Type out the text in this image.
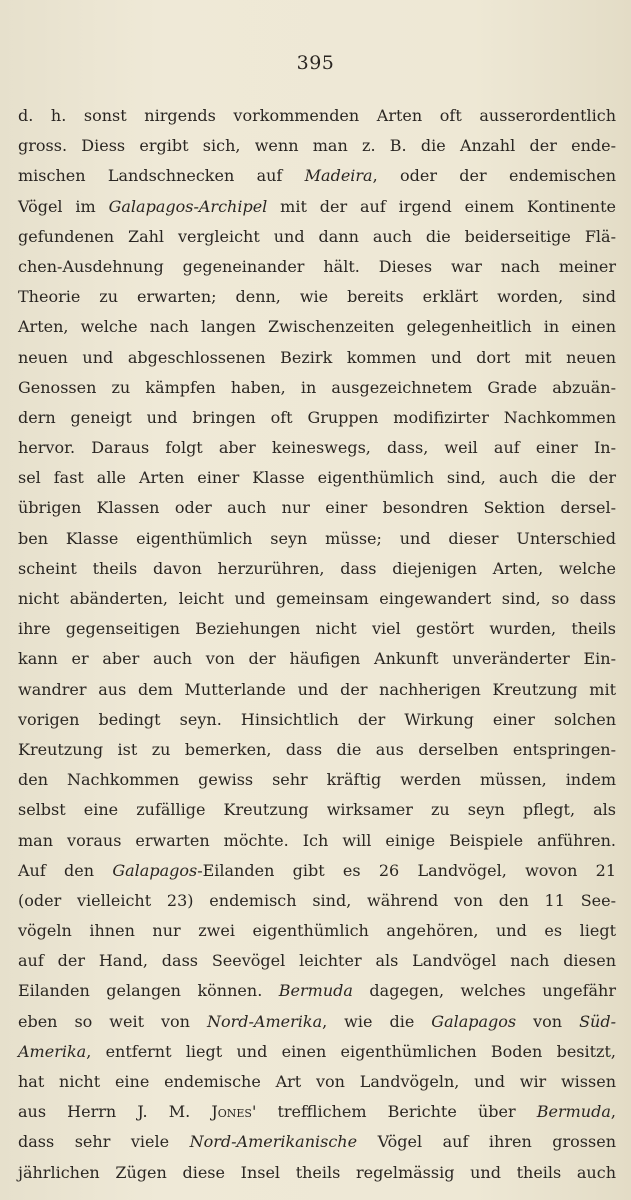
395
d. h. sonst nirgends vorkommenden Arten oft ausserordentlich
gross. Diess ergibt sich, wenn man z. B. die Anzahl der ende-
mischen Landschnecken auf Madeira, oder der endemischen
Vögel im Galapagos-Archipel mit der auf irgend einem Kontinente
gefundenen Zahl vergleicht und dann auch die beiderseitige Flä-
chen-Ausdehnung gegeneinander hält. Dieses war nach meiner
Theorie zu erwarten; denn, wie bereits erklärt worden, sind
Arten, welche nach langen Zwischenzeiten gelegenheitlich in einen
neuen und abgeschlossenen Bezirk kommen und dort mit neuen
Genossen zu kämpfen haben, in ausgezeichnetem Grade abzuän-
dern geneigt und bringen oft Gruppen modifizirter Nachkommen
hervor. Daraus folgt aber keineswegs, dass, weil auf einer In-
sel fast alle Arten einer Klasse eigenthümlich sind, auch die der
übrigen Klassen oder auch nur einer besondren Sektion dersel-
ben Klasse eigenthümlich seyn müsse; und dieser Unterschied
scheint theils davon herzurühren, dass diejenigen Arten, welche
nicht abänderten, leicht und gemeinsam eingewandert sind, so dass
ihre gegenseitigen Beziehungen nicht viel gestört wurden, theils
kann er aber auch von der häufigen Ankunft unveränderter Ein-
wandrer aus dem Mutterlande und der nachherigen Kreutzung mit
vorigen bedingt seyn. Hinsichtlich der Wirkung einer solchen
Kreutzung ist zu bemerken, dass die aus derselben entspringen-
den Nachkommen gewiss sehr kräftig werden müssen, indem
selbst eine zufällige Kreutzung wirksamer zu seyn pflegt, als
man voraus erwarten möchte. Ich will einige Beispiele anführen.
Auf den Galapagos-Eilanden gibt es 26 Landvögel, wovon 21
(oder vielleicht 23) endemisch sind, während von den 11 See-
vögeln ihnen nur zwei eigenthümlich angehören, und es liegt
auf der Hand, dass Seevögel leichter als Landvögel nach diesen
Eilanden gelangen können. Bermuda dagegen, welches ungefähr
eben so weit von Nord-Amerika, wie die Galapagos von Süd-
Amerika, entfernt liegt und einen eigenthümlichen Boden besitzt,
hat nicht eine endemische Art von Landvögeln, und wir wissen
aus Herrn J. M. Jones' trefflichem Berichte über Bermuda,
dass sehr viele Nord-Amerikanische Vögel auf ihren grossen
jährlichen Zügen diese Insel theils regelmässig und theils auch
